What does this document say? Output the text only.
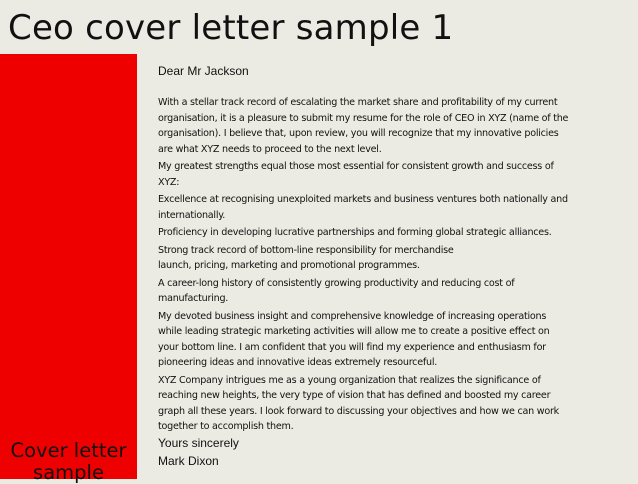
Ceo cover letter sample 1
Cover letter
sample

Dear Mr Jackson

With a stellar track record of escalating the market share and profitability of my current
organisation, it is a pleasure to submit my resume for the role of CEO in XYZ (name of the
organisation). I believe that, upon review, you will recognize that my innovative policies
are what XYZ needs to proceed to the next level.

My greatest strengths equal those most essential for consistent growth and success of
XYZ:

Excellence at recognising unexploited markets and business ventures both nationally and
internationally.

Proficiency in developing lucrative partnerships and forming global strategic alliances.

Strong track record of bottom-line responsibility for merchandise
launch, pricing, marketing and promotional programmes.

A career-long history of consistently growing productivity and reducing cost of
manufacturing.

My devoted business insight and comprehensive knowledge of increasing operations
while leading strategic marketing activities will allow me to create a positive effect on
your bottom line. I am confident that you will find my experience and enthusiasm for
pioneering ideas and innovative ideas extremely resourceful.

XYZ Company intrigues me as a young organization that realizes the significance of
reaching new heights, the very type of vision that has defined and boosted my career
graph all these years. I look forward to discussing your objectives and how we can work
together to accomplish them.

Yours sincerely

Mark Dixon
